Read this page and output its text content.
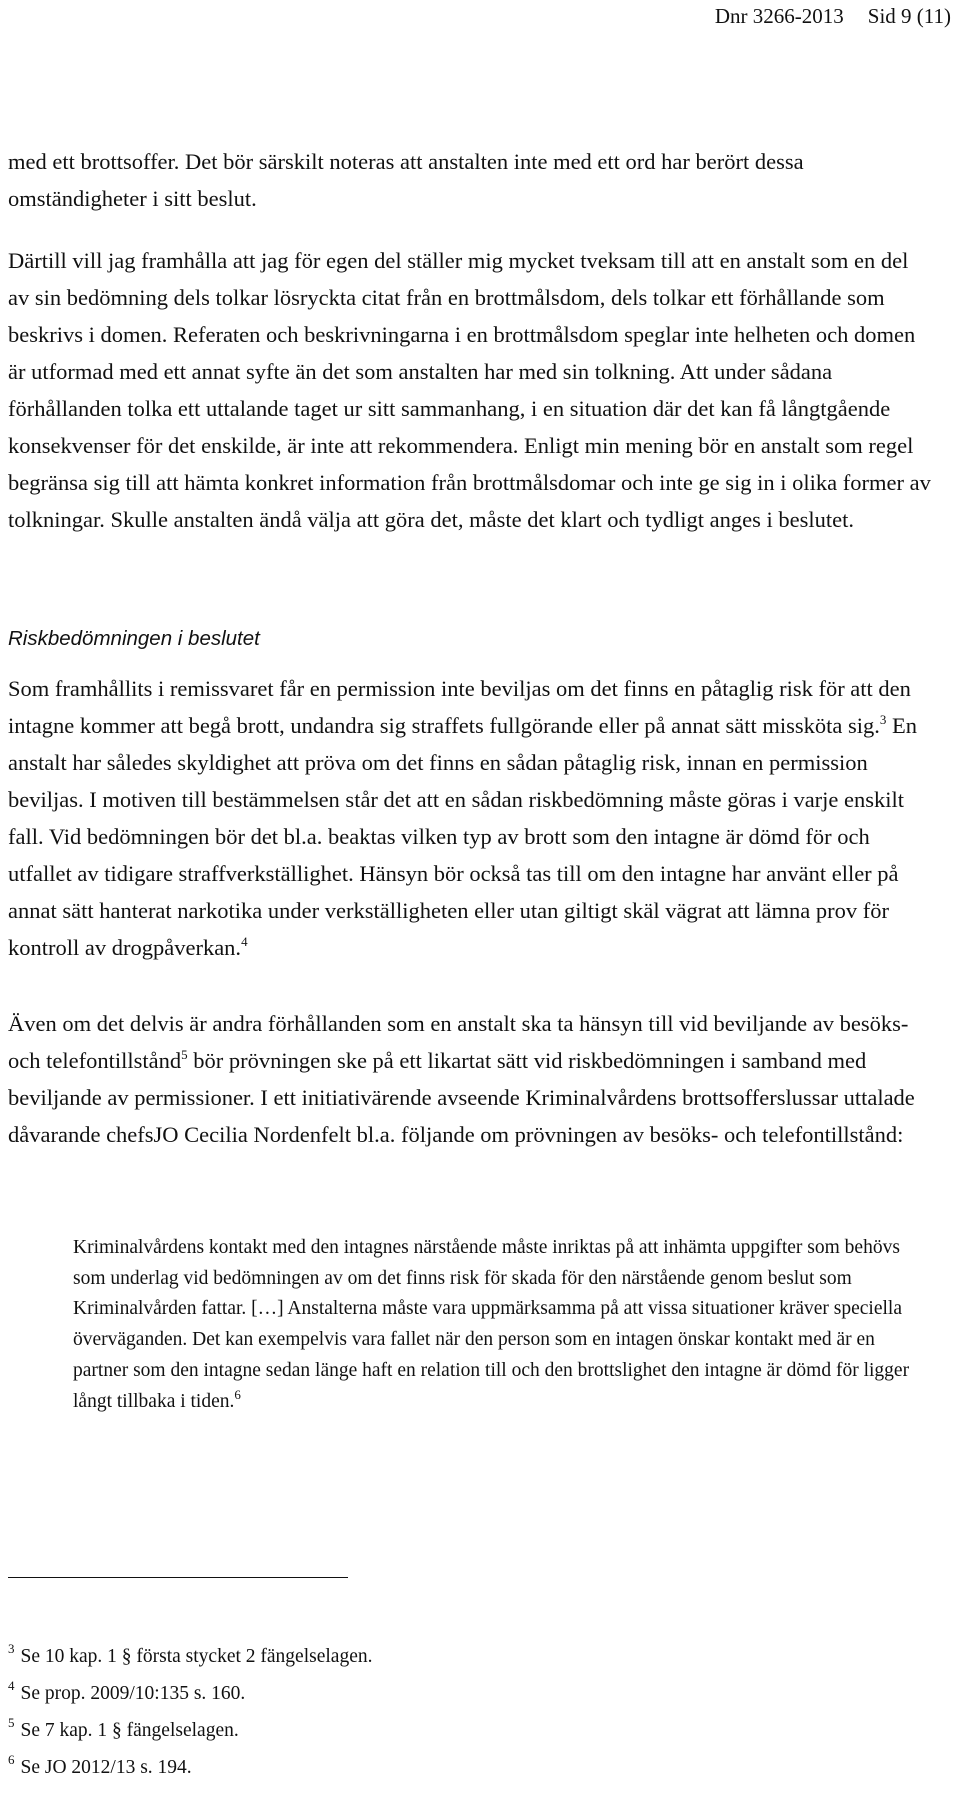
Dnr 3266-2013 Sid 9 (11)

med ett brottsoffer. Det bör särskilt noteras att anstalten inte med ett ord har berört dessa omständigheter i sitt beslut.

Därtill vill jag framhålla att jag för egen del ställer mig mycket tveksam till att en anstalt som en del av sin bedömning dels tolkar lösryckta citat från en brottmålsdom, dels tolkar ett förhållande som beskrivs i domen. Referaten och beskrivningarna i en brottmålsdom speglar inte helheten och domen är utformad med ett annat syfte än det som anstalten har med sin tolkning. Att under sådana förhållanden tolka ett uttalande taget ur sitt sammanhang, i en situation där det kan få långtgående konsekvenser för det enskilde, är inte att rekommendera. Enligt min mening bör en anstalt som regel begränsa sig till att hämta konkret information från brottmålsdomar och inte ge sig in i olika former av tolkningar. Skulle anstalten ändå välja att göra det, måste det klart och tydligt anges i beslutet.

Riskbedömningen i beslutet

Som framhållits i remissvaret får en permission inte beviljas om det finns en påtaglig risk för att den intagne kommer att begå brott, undandra sig straffets fullgörande eller på annat sätt missköta sig.$^3$ En anstalt har således skyldighet att pröva om det finns en sådan påtaglig risk, innan en permission beviljas. I motiven till bestämmelsen står det att en sådan riskbedömning måste göras i varje enskilt fall. Vid bedömningen bör det bl.a. beaktas vilken typ av brott som den intagne är dömd för och utfallet av tidigare straffverkställighet. Hänsyn bör också tas till om den intagne har använt eller på annat sätt hanterat narkotika under verkställigheten eller utan giltigt skäl vägrat att lämna prov för kontroll av drogpåverkan.$^4$

Även om det delvis är andra förhållanden som en anstalt ska ta hänsyn till vid beviljande av besöks- och telefontillstånd$^5$ bör prövningen ske på ett likartat sätt vid riskbedömningen i samband med beviljande av permissioner. I ett initiativärende avseende Kriminalvårdens brottsofferslussar uttalade dåvarande chefsJO Cecilia Nordenfelt bl.a. följande om prövningen av besöks- och telefontillstånd:

Kriminalvårdens kontakt med den intagnes närstående måste inriktas på att inhämta uppgifter som behövs som underlag vid bedömningen av om det finns risk för skada för den närstående genom beslut som Kriminalvården fattar. […] Anstalterna måste vara uppmärksamma på att vissa situationer kräver speciella överväganden. Det kan exempelvis vara fallet när den person som en intagen önskar kontakt med är en partner som den intagne sedan länge haft en relation till och den brottslighet den intagne är dömd för ligger långt tillbaka i tiden.$^6$

$^3$ Se 10 kap. 1 § första stycket 2 fängelselagen.
$^4$ Se prop. 2009/10:135 s. 160.
$^5$ Se 7 kap. 1 § fängelselagen.
$^6$ Se JO 2012/13 s. 194.
